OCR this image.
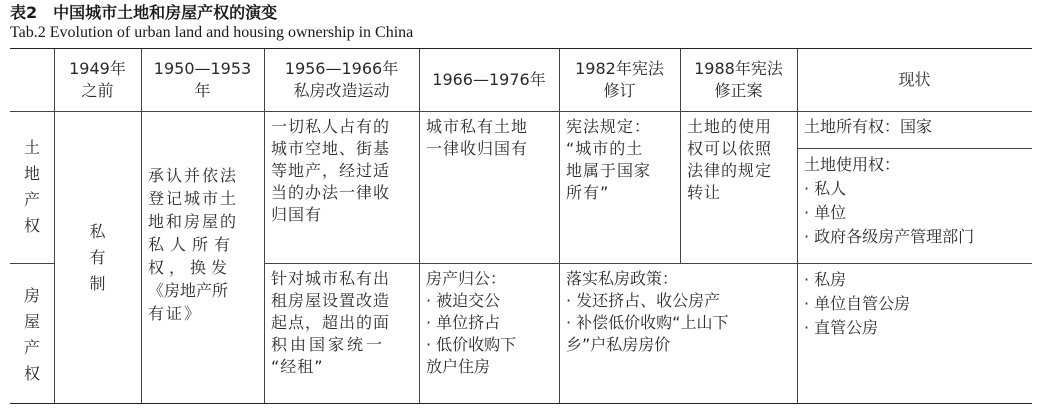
表2 中国城市土地和房屋产权的演变
Tab.2 Evolution of urban land and housing ownership in China
1949年
之前
1950—1953
年
1956—1966年
私房改造运动
1966—1976年
1982年宪法
修订
1988年宪法
修正案
现状
土
地
产
权
房
屋
产
权
私
有
制
承认并依法
登记城市土
地和房屋的
私人所有
权，换发
《房地产所
有证》
一切私人占有的
城市空地、街基
等地产，经过适
当的办法一律收
归国有
城市私有土地
一律收归国有
宪法规定：
“城市的土
地属于国家
所有”
土地的使用
权可以依照
法律的规定
转让
土地所有权：国家
土地使用权：
· 私人
· 单位
· 政府各级房产管理部门
针对城市私有出
租房屋设置改造
起点，超出的面
积由国家统一
“经租”
房产归公：
· 被迫交公
· 单位挤占
· 低价收购下
放户住房
落实私房政策：
· 发还挤占、收公房产
· 补偿低价收购“上山下
乡”户私房房价
· 私房
· 单位自管公房
· 直管公房
